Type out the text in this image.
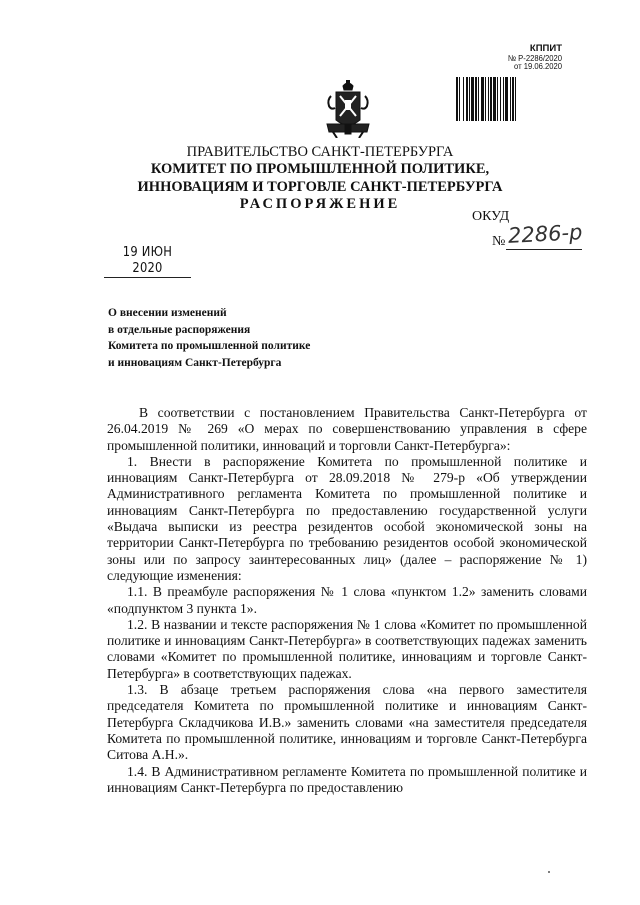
КППИТ
№ Р-2286/2020
от 19.06.2020
ПРАВИТЕЛЬСТВО САНКТ-ПЕТЕРБУРГА
КОМИТЕТ ПО ПРОМЫШЛЕННОЙ ПОЛИТИКЕ,
ИННОВАЦИЯМ И ТОРГОВЛЕ САНКТ-ПЕТЕРБУРГА
РАСПОРЯЖЕНИЕ
ОКУД
№ 2286-р
19 ИЮН 2020
О внесении изменений
в отдельные распоряжения
Комитета по промышленной политике
и инновациям Санкт-Петербурга

В соответствии с постановлением Правительства Санкт-Петербурга от 26.04.2019 № 269 «О мерах по совершенствованию управления в сфере промышленной политики, инноваций и торговли Санкт-Петербурга»:

1. Внести в распоряжение Комитета по промышленной политике и инновациям Санкт-Петербурга от 28.09.2018 № 279-р «Об утверждении Административного регламента Комитета по промышленной политике и инновациям Санкт-Петербурга по предоставлению государственной услуги «Выдача выписки из реестра резидентов особой экономической зоны на территории Санкт-Петербурга по требованию резидентов особой экономической зоны или по запросу заинтересованных лиц» (далее – распоряжение № 1) следующие изменения:

1.1. В преамбуле распоряжения № 1 слова «пунктом 1.2» заменить словами «подпунктом 3 пункта 1».

1.2. В названии и тексте распоряжения № 1 слова «Комитет по промышленной политике и инновациям Санкт-Петербурга» в соответствующих падежах заменить словами «Комитет по промышленной политике, инновациям и торговле Санкт-Петербурга» в соответствующих падежах.

1.3. В абзаце третьем распоряжения слова «на первого заместителя председателя Комитета по промышленной политике и инновациям Санкт-Петербурга Складчикова И.В.» заменить словами «на заместителя председателя Комитета по промышленной политике, инновациям и торговле Санкт-Петербурга Ситова А.Н.».

1.4. В Административном регламенте Комитета по промышленной политике и инновациям Санкт-Петербурга по предоставлению
